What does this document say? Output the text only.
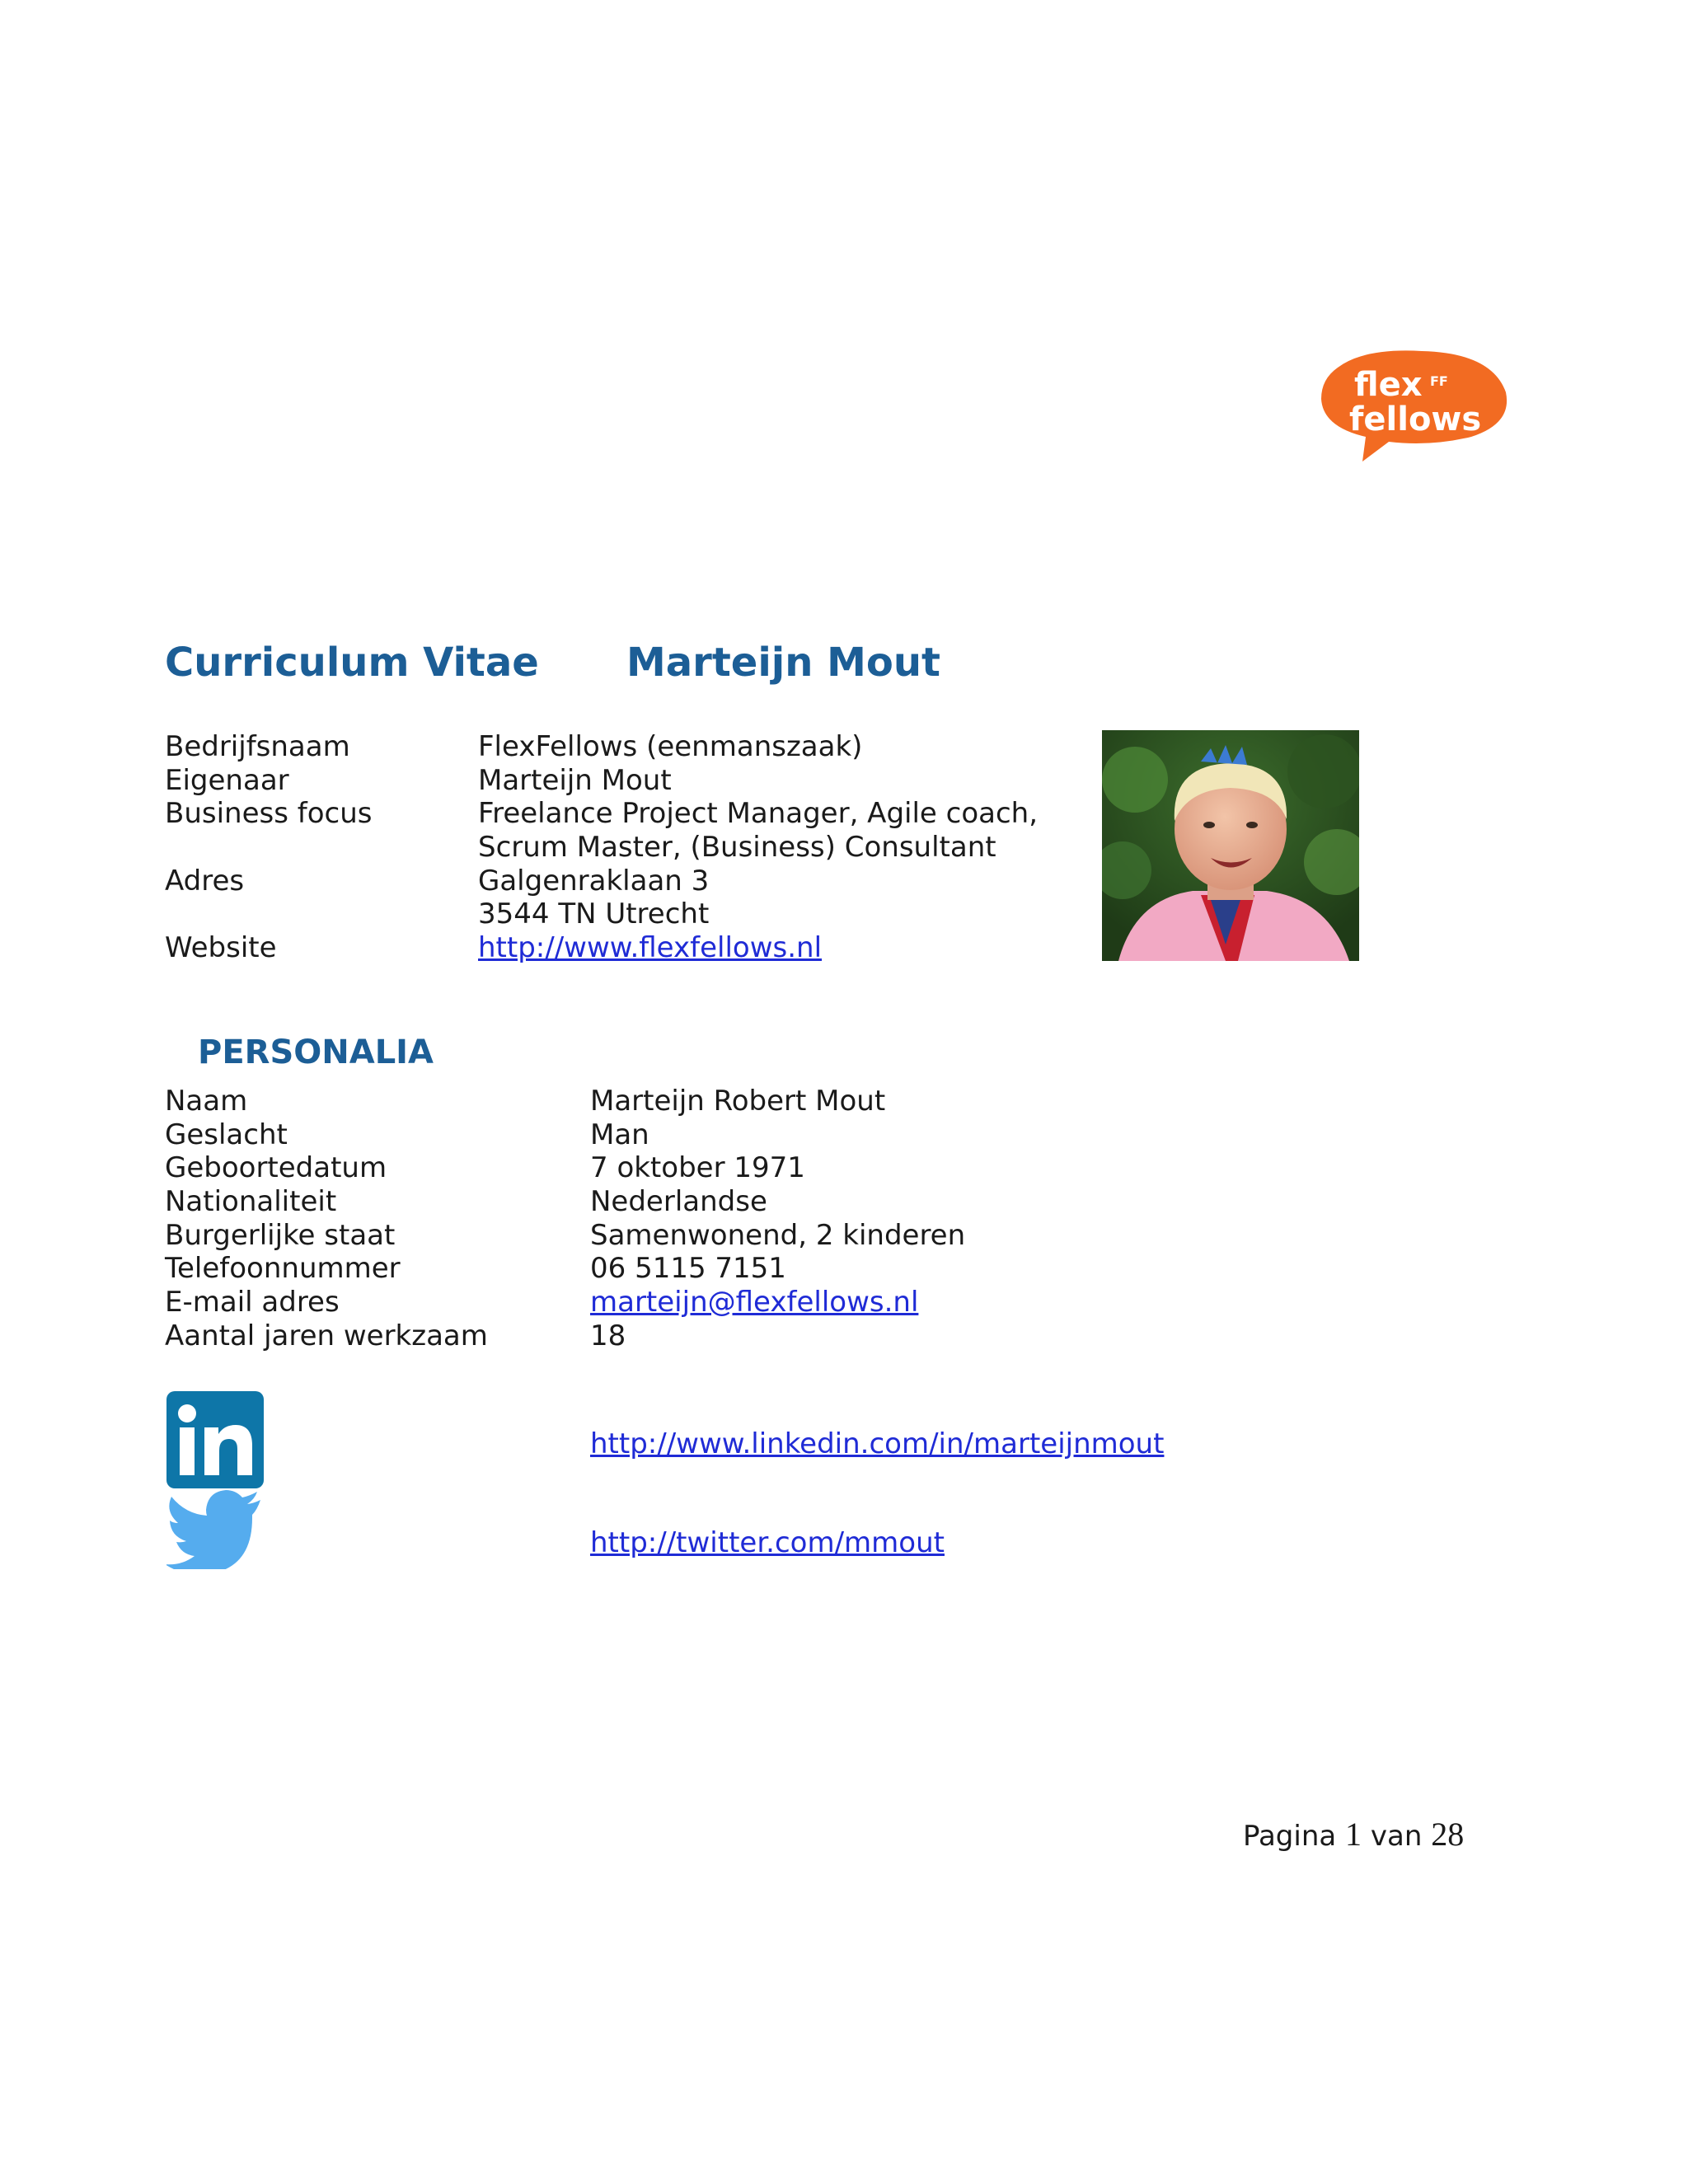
flex FF
fellows
Curriculum Vitae Marteijn Mout
Bedrijfsnaam	FlexFellows (eenmanszaak)
Eigenaar	Marteijn Mout
Business focus	Freelance Project Manager, Agile coach,
Scrum Master, (Business) Consultant
Adres	Galgenraklaan 3
3544 TN Utrecht
Website	http://www.flexfellows.nl
PERSONALIA
Naam	Marteijn Robert Mout
Geslacht	Man
Geboortedatum	7 oktober 1971
Nationaliteit	Nederlandse
Burgerlijke staat	Samenwonend, 2 kinderen
Telefoonnummer	06 5115 7151
E-mail adres	marteijn@flexfellows.nl
Aantal jaren werkzaam	18
http://www.linkedin.com/in/marteijnmout
http://twitter.com/mmout
Pagina 1 van 28
